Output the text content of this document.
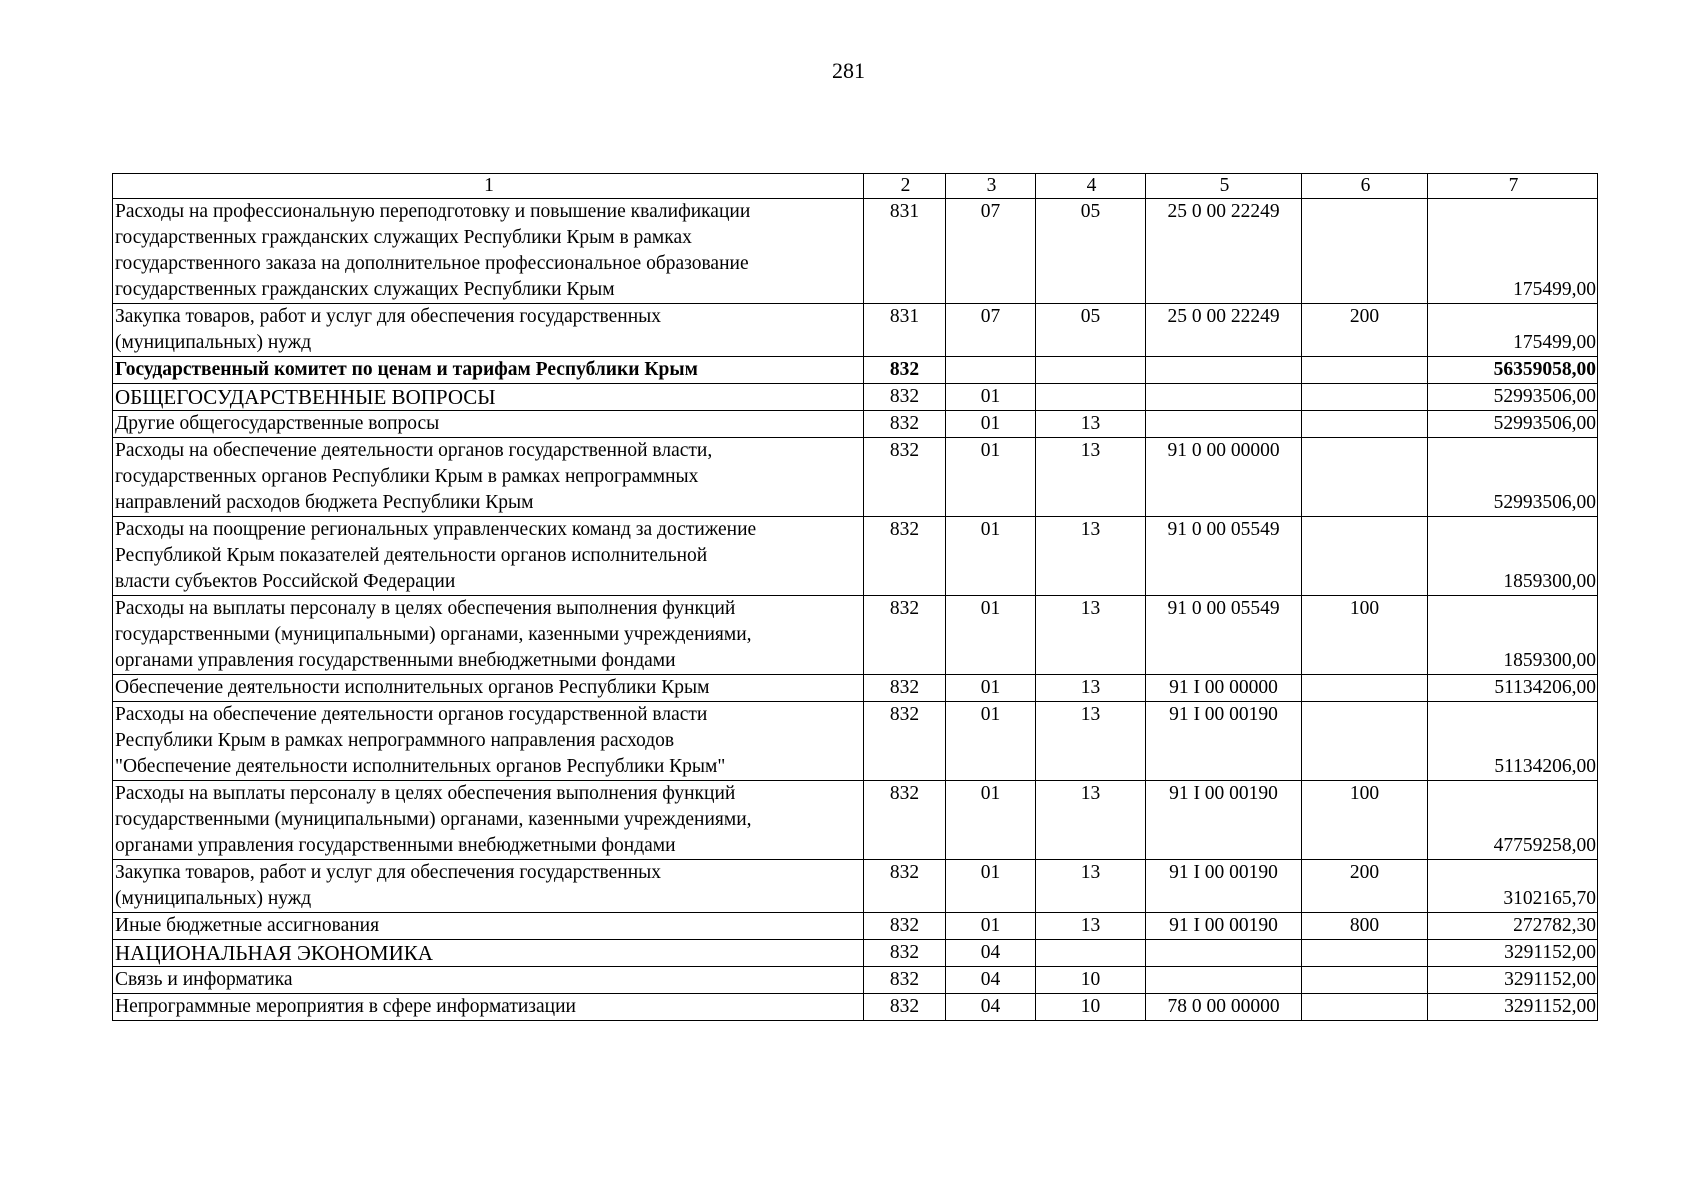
281
1	2	3	4	5	6	7
Расходы на профессиональную переподготовку и повышение квалификации
государственных гражданских служащих Республики Крым в рамках
государственного заказа на дополнительное профессиональное образование
государственных гражданских служащих Республики Крым	831	07	05	25 0 00 22249		175499,00
Закупка товаров, работ и услуг для обеспечения государственных
(муниципальных) нужд	831	07	05	25 0 00 22249	200	175499,00
Государственный комитет по ценам и тарифам Республики Крым	832					56359058,00
ОБЩЕГОСУДАРСТВЕННЫЕ ВОПРОСЫ	832	01				52993506,00
Другие общегосударственные вопросы	832	01	13			52993506,00
Расходы на обеспечение деятельности органов государственной власти,
государственных органов Республики Крым в рамках непрограммных
направлений расходов бюджета Республики Крым	832	01	13	91 0 00 00000		52993506,00
Расходы на поощрение региональных управленческих команд за достижение
Республикой Крым показателей деятельности органов исполнительной
власти субъектов Российской Федерации	832	01	13	91 0 00 05549		1859300,00
Расходы на выплаты персоналу в целях обеспечения выполнения функций
государственными (муниципальными) органами, казенными учреждениями,
органами управления государственными внебюджетными фондами	832	01	13	91 0 00 05549	100	1859300,00
Обеспечение деятельности исполнительных органов Республики Крым	832	01	13	91 I 00 00000		51134206,00
Расходы на обеспечение деятельности органов государственной власти
Республики Крым в рамках непрограммного направления расходов
"Обеспечение деятельности исполнительных органов Республики Крым"	832	01	13	91 I 00 00190		51134206,00
Расходы на выплаты персоналу в целях обеспечения выполнения функций
государственными (муниципальными) органами, казенными учреждениями,
органами управления государственными внебюджетными фондами	832	01	13	91 I 00 00190	100	47759258,00
Закупка товаров, работ и услуг для обеспечения государственных
(муниципальных) нужд	832	01	13	91 I 00 00190	200	3102165,70
Иные бюджетные ассигнования	832	01	13	91 I 00 00190	800	272782,30
НАЦИОНАЛЬНАЯ ЭКОНОМИКА	832	04				3291152,00
Связь и информатика	832	04	10			3291152,00
Непрограммные мероприятия в сфере информатизации	832	04	10	78 0 00 00000		3291152,00
